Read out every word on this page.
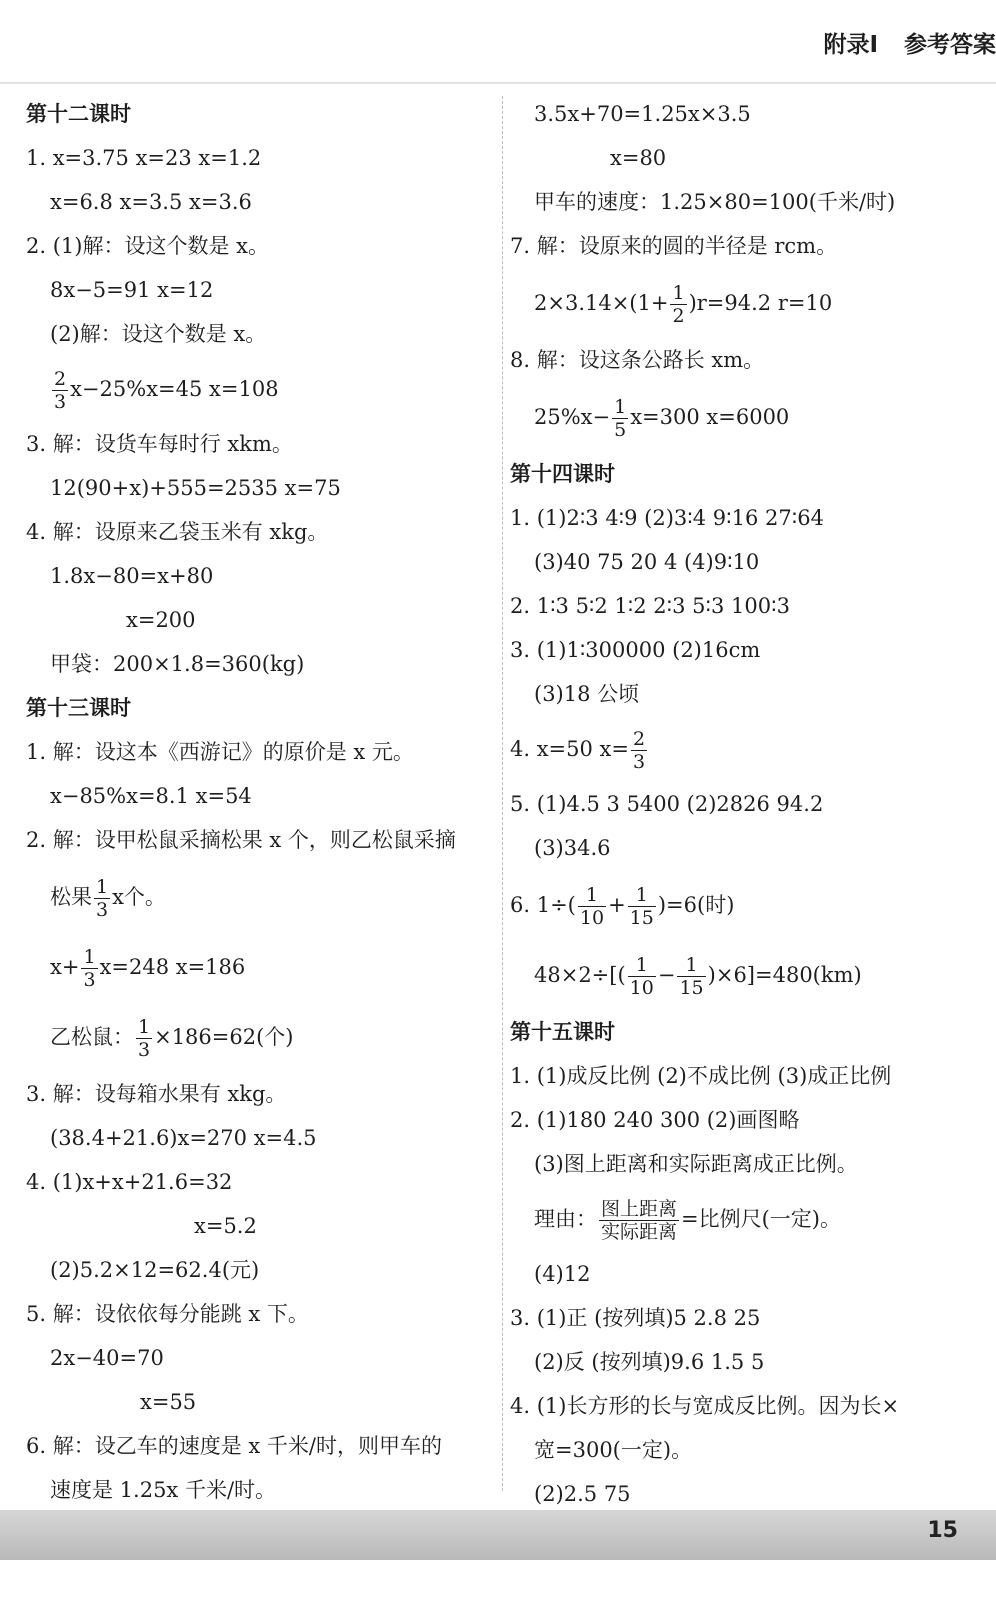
附录Ⅰ 参考答案
第十二课时
1. x=3.75 x=23 x=1.2
x=6.8 x=3.5 x=3.6
2. (1)解：设这个数是 x。
8x−5=91 x=12
(2)解：设这个数是 x。
$\frac{2}{3} x-25\%x=45$ x=108
3. 解：设货车每时行 xkm。
12(90+x)+555=2535 x=75
4. 解：设原来乙袋玉米有 xkg。
1.8x−80=x+80
x=200
甲袋：200×1.8=360(kg)
第十三课时
1. 解：设这本《西游记》的原价是 x 元。
x−85%x=8.1 x=54
2. 解：设甲松鼠采摘松果 x 个，则乙松鼠采摘
松果 $\frac{1}{3}$ x个。
$x+ \frac{1}{3} x=248$ x=186
乙松鼠： $\frac{1}{3} \times 186=62$(个)
3. 解：设每箱水果有 xkg。
(38.4+21.6)x=270 x=4.5
4. (1)x+x+21.6=32
x=5.2
(2)5.2×12=62.4(元)
5. 解：设依依每分能跳 x 下。
2x−40=70
x=55
6. 解：设乙车的速度是 x 千米/时，则甲车的
速度是 1.25x 千米/时。
3.5x+70=1.25x×3.5
x=80
甲车的速度：1.25×80=100(千米/时)
7. 解：设原来的圆的半径是 rcm。
$2\times 3.14\times(1+ \frac{1}{2} )r=94.2$ r=10
8. 解：设这条公路长 xm。
$25\%x- \frac{1}{5} x=300$ x=6000
第十四课时
1. (1)2∶3 4∶9 (2)3∶4 9∶16 27∶64
(3)40 75 20 4 (4)9∶10
2. 1∶3 5∶2 1∶2 2∶3 5∶3 100∶3
3. (1)1∶300000 (2)16cm
(3)18 公顷
4. x=50 $x= \frac{2}{3}$
5. (1)4.5 3 5400 (2)2826 94.2
(3)34.6
6. $1\div( \frac{1}{10} + \frac{1}{15} )=6$(时)
$48\times 2\div[( \frac{1}{10} - \frac{1}{15} )\times 6]=480(km)$
第十五课时
1. (1)成反比例 (2)不成比例 (3)成正比例
2. (1)180 240 300 (2)画图略
(3)图上距离和实际距离成正比例。
理由： $\frac{\text{图上距离}}{\text{实际距离}}$ =比例尺(一定)。
(4)12
3. (1)正 (按列填)5 2.8 25
(2)反 (按列填)9.6 1.5 5
4. (1)长方形的长与宽成反比例。因为长×
宽=300(一定)。
(2)2.5 75
15
